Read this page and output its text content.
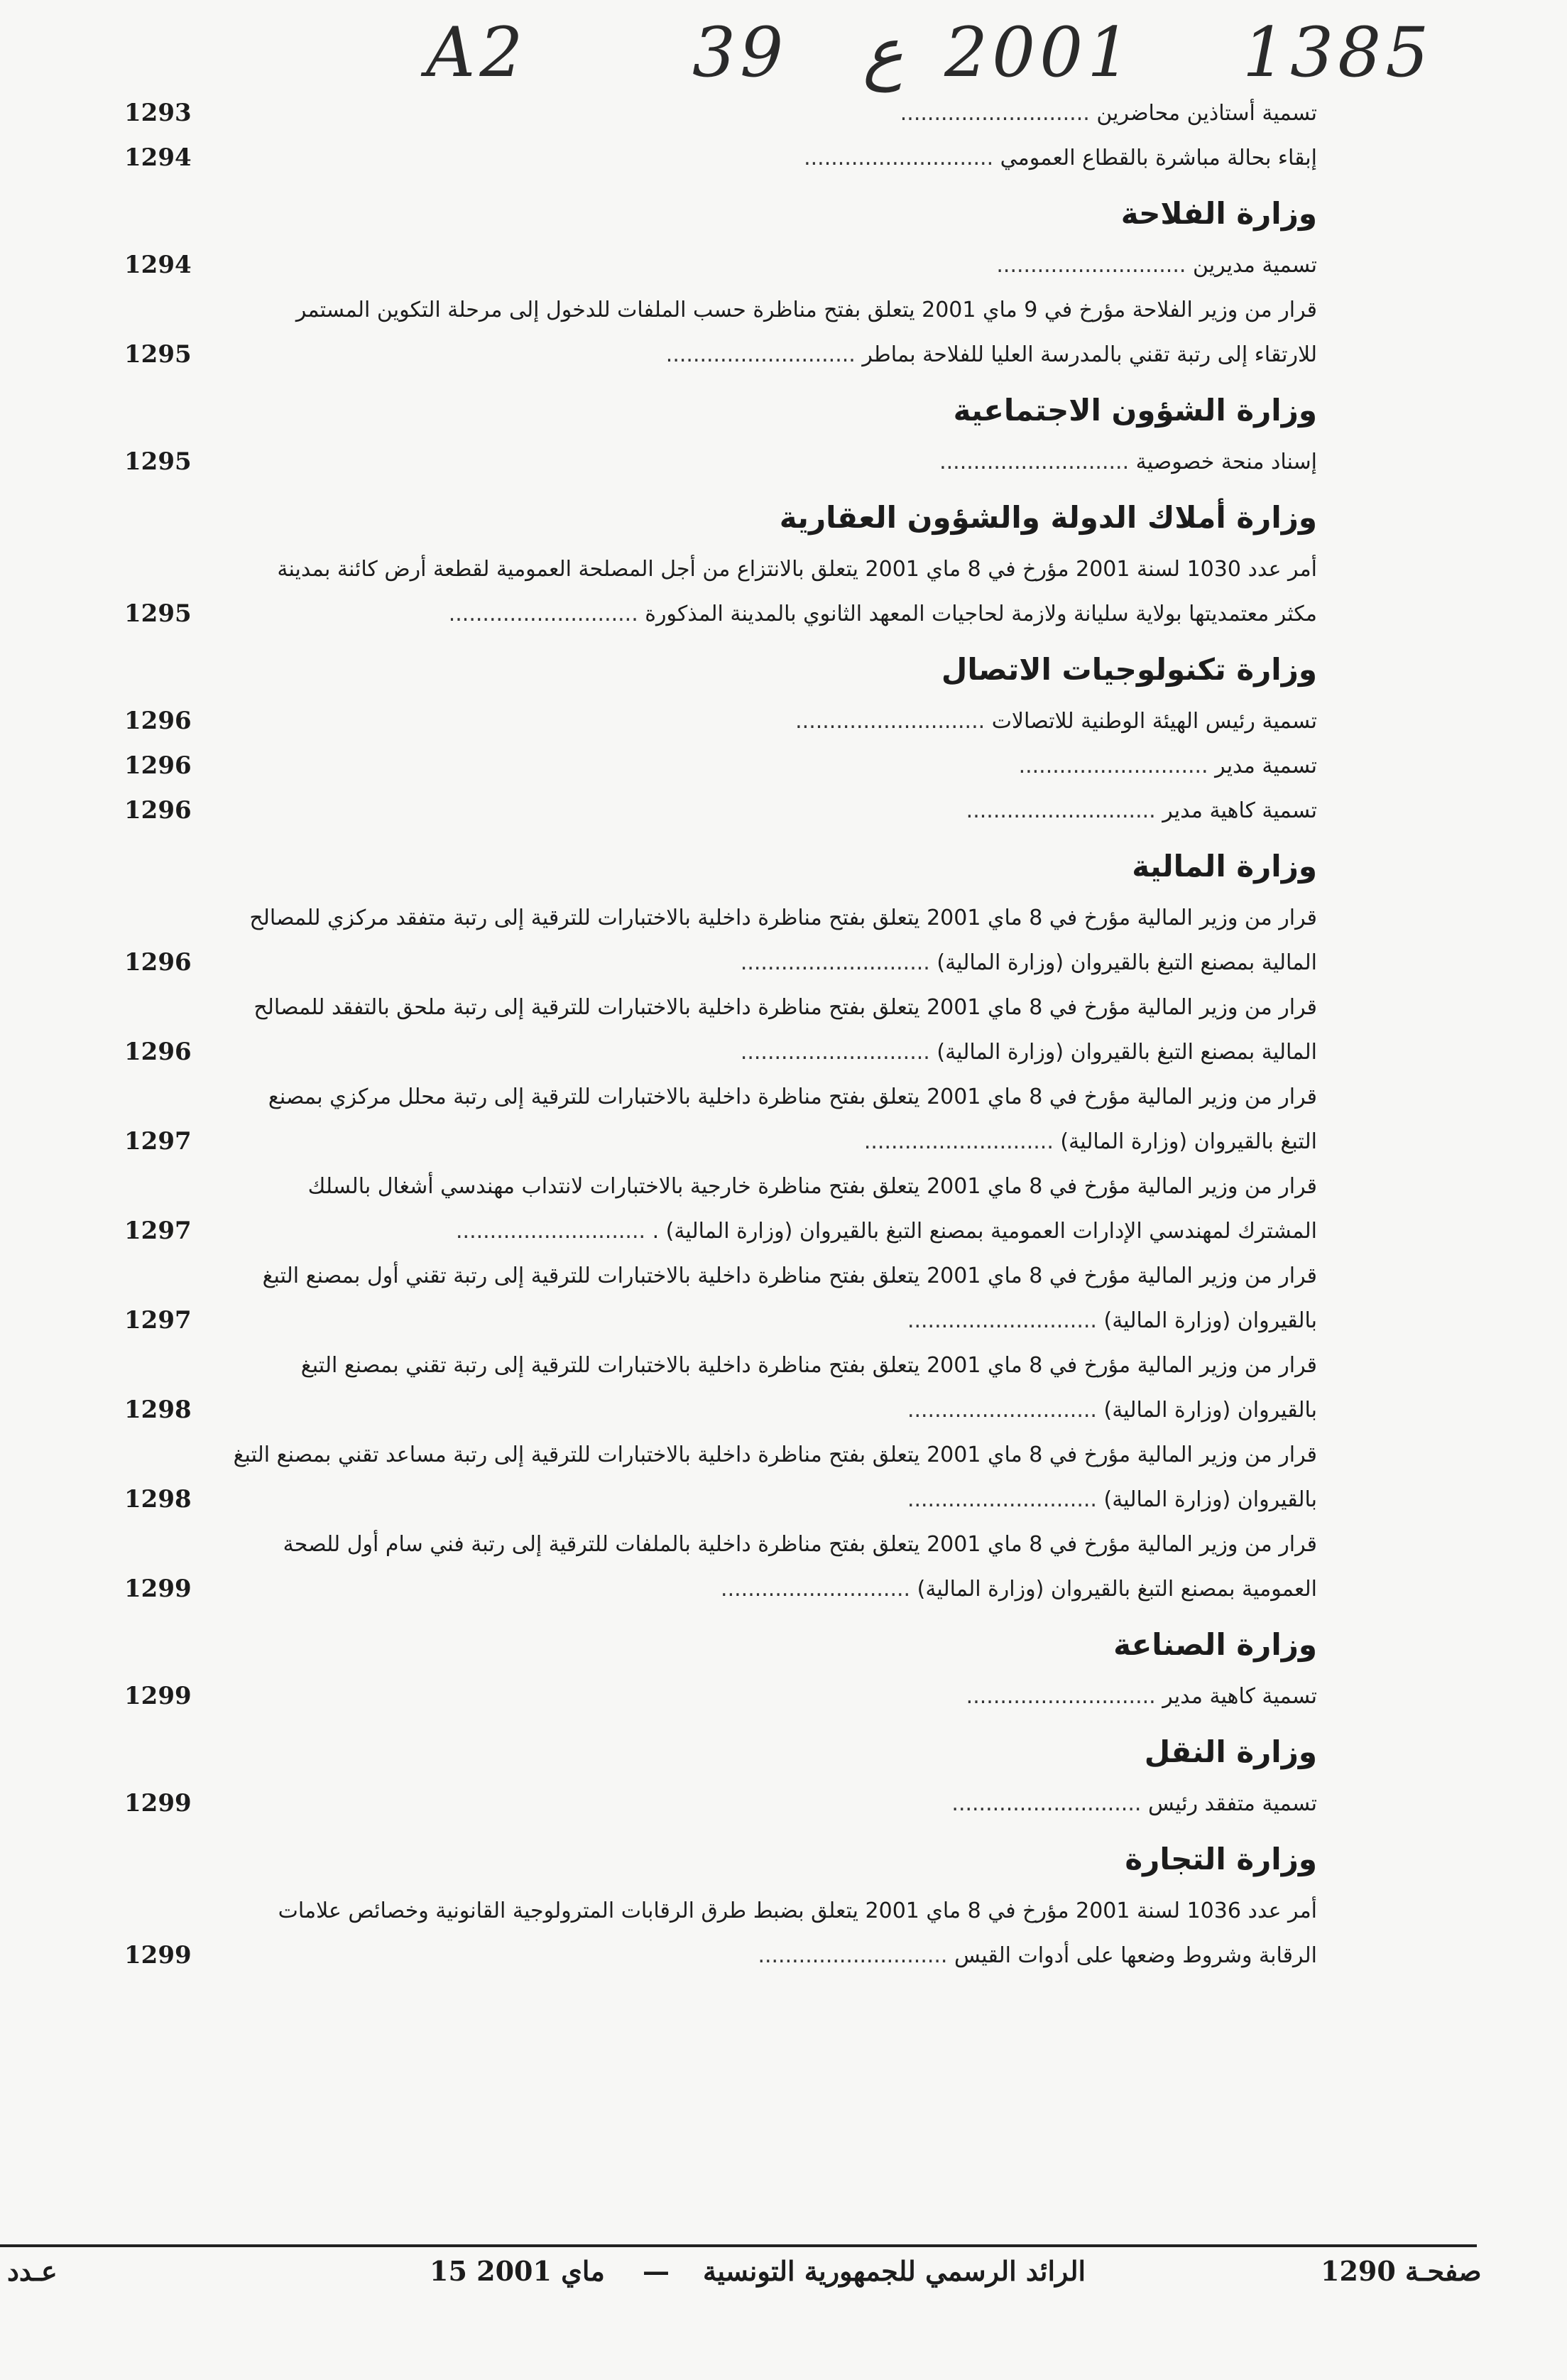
A2 39 ع 2001 1385
تسمية أستاذين محاضرين ............................
1293
إبقاء بحالة مباشرة بالقطاع العمومي ............................
1294
وزارة الفلاحة
تسمية مديرين ............................
1294
قرار من وزير الفلاحة مؤرخ في 9 ماي 2001 يتعلق بفتح مناظرة حسب الملفات للدخول إلى مرحلة التكوين المستمر للارتقاء إلى رتبة تقني بالمدرسة العليا للفلاحة بماطر ............................
1295
وزارة الشؤون الاجتماعية
إسناد منحة خصوصية ............................
1295
وزارة أملاك الدولة والشؤون العقارية
أمر عدد 1030 لسنة 2001 مؤرخ في 8 ماي 2001 يتعلق بالانتزاع من أجل المصلحة العمومية لقطعة أرض كائنة بمدينة مكثر معتمديتها بولاية سليانة ولازمة لحاجيات المعهد الثانوي بالمدينة المذكورة ............................
1295
وزارة تكنولوجيات الاتصال
تسمية رئيس الهيئة الوطنية للاتصالات ............................
1296
تسمية مدير ............................
1296
تسمية كاهية مدير ............................
1296
وزارة المالية
قرار من وزير المالية مؤرخ في 8 ماي 2001 يتعلق بفتح مناظرة داخلية بالاختبارات للترقية إلى رتبة متفقد مركزي للمصالح المالية بمصنع التبغ بالقيروان (وزارة المالية) ............................
1296
قرار من وزير المالية مؤرخ في 8 ماي 2001 يتعلق بفتح مناظرة داخلية بالاختبارات للترقية إلى رتبة ملحق بالتفقد للمصالح المالية بمصنع التبغ بالقيروان (وزارة المالية) ............................
1296
قرار من وزير المالية مؤرخ في 8 ماي 2001 يتعلق بفتح مناظرة داخلية بالاختبارات للترقية إلى رتبة محلل مركزي بمصنع التبغ بالقيروان (وزارة المالية) ............................
1297
قرار من وزير المالية مؤرخ في 8 ماي 2001 يتعلق بفتح مناظرة خارجية بالاختبارات لانتداب مهندسي أشغال بالسلك المشترك لمهندسي الإدارات العمومية بمصنع التبغ بالقيروان (وزارة المالية) . ............................
1297
قرار من وزير المالية مؤرخ في 8 ماي 2001 يتعلق بفتح مناظرة داخلية بالاختبارات للترقية إلى رتبة تقني أول بمصنع التبغ بالقيروان (وزارة المالية) ............................
1297
قرار من وزير المالية مؤرخ في 8 ماي 2001 يتعلق بفتح مناظرة داخلية بالاختبارات للترقية إلى رتبة تقني بمصنع التبغ بالقيروان (وزارة المالية) ............................
1298
قرار من وزير المالية مؤرخ في 8 ماي 2001 يتعلق بفتح مناظرة داخلية بالاختبارات للترقية إلى رتبة مساعد تقني بمصنع التبغ بالقيروان (وزارة المالية) ............................
1298
قرار من وزير المالية مؤرخ في 8 ماي 2001 يتعلق بفتح مناظرة داخلية بالملفات للترقية إلى رتبة فني سام أول للصحة العمومية بمصنع التبغ بالقيروان (وزارة المالية) ............................
1299
وزارة الصناعة
تسمية كاهية مدير ............................
1299
وزارة النقل
تسمية متفقد رئيس ............................
1299
وزارة التجارة
أمر عدد 1036 لسنة 2001 مؤرخ في 8 ماي 2001 يتعلق بضبط طرق الرقابات المترولوجية القانونية وخصائص علامات الرقابة وشروط وضعها على أدوات القيس ............................
1299
صفحـة 1290
الرائد الرسمي للجمهورية التونسية
—
15 ماي 2001
عـدد
